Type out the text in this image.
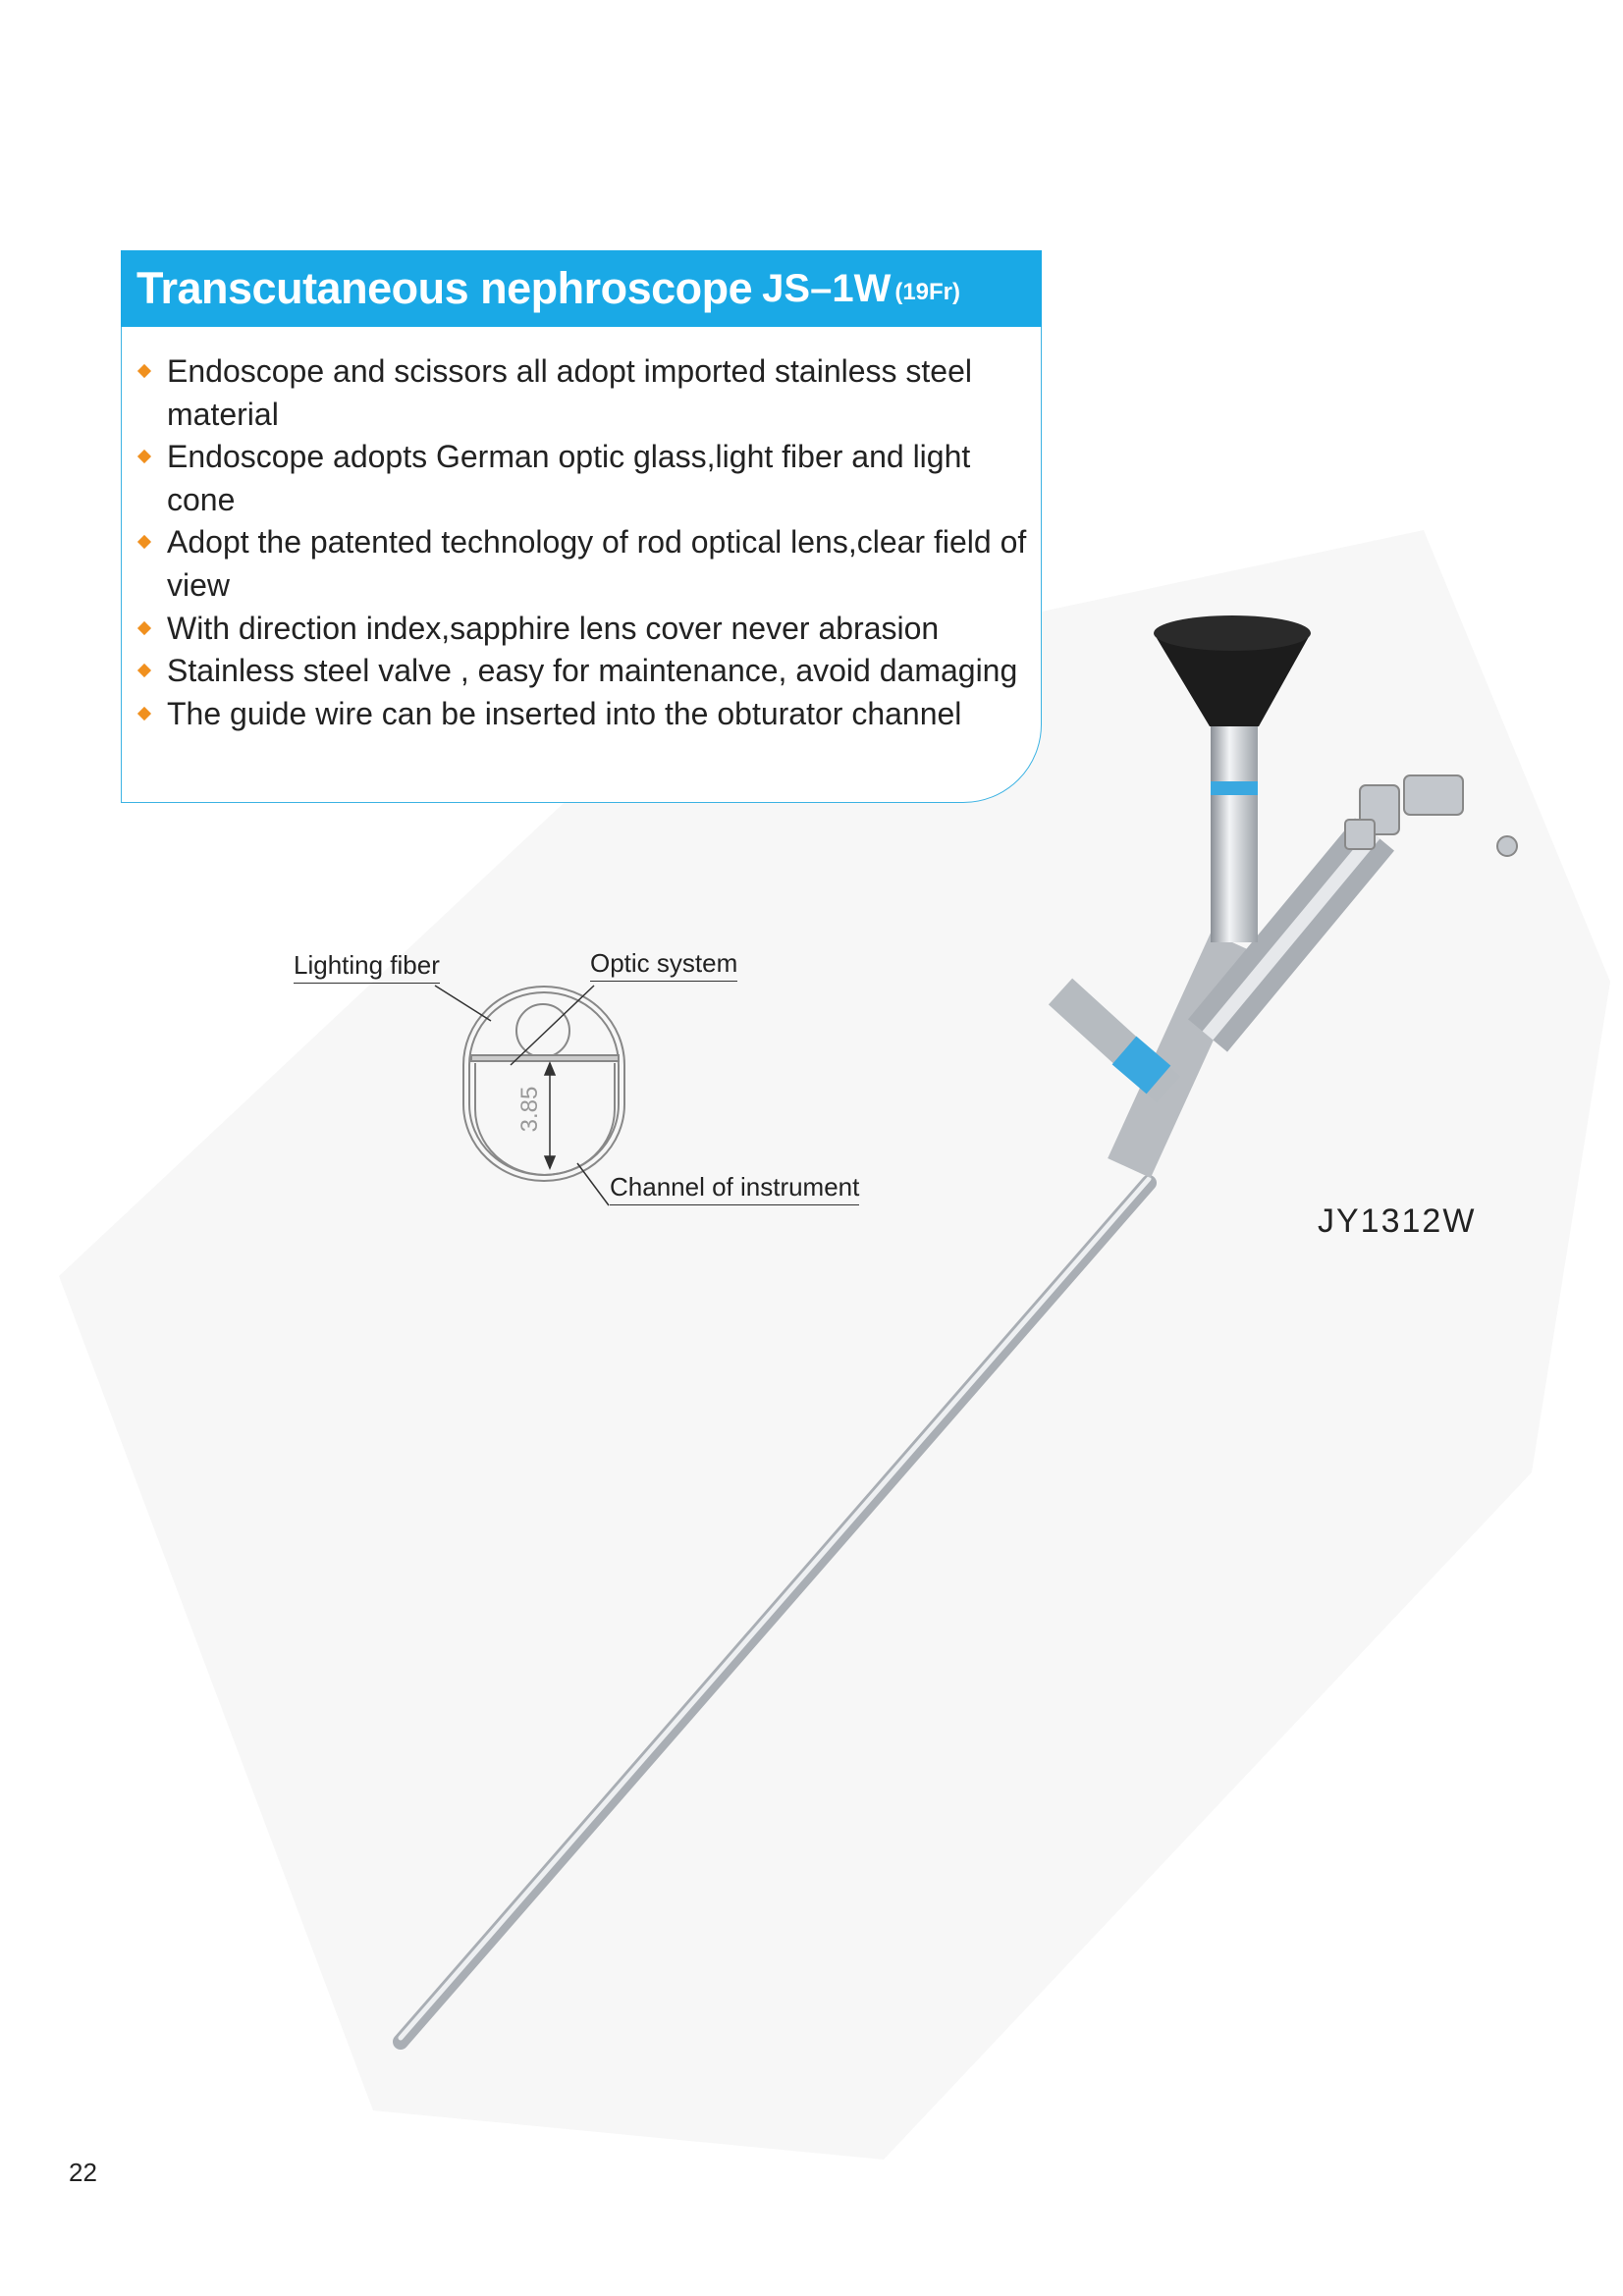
Transcutaneous nephroscope JS–1W (19Fr)
Endoscope and scissors all adopt imported stainless steel material
Endoscope adopts German optic glass,light fiber and light cone
Adopt the patented technology of rod optical lens,clear field of view
With direction index,sapphire lens cover never abrasion
Stainless steel valve , easy for maintenance, avoid damaging
The guide wire can be inserted into the obturator channel
3.85
Lighting fiber	Optic system
Channel of instrument
JY1312W
22
